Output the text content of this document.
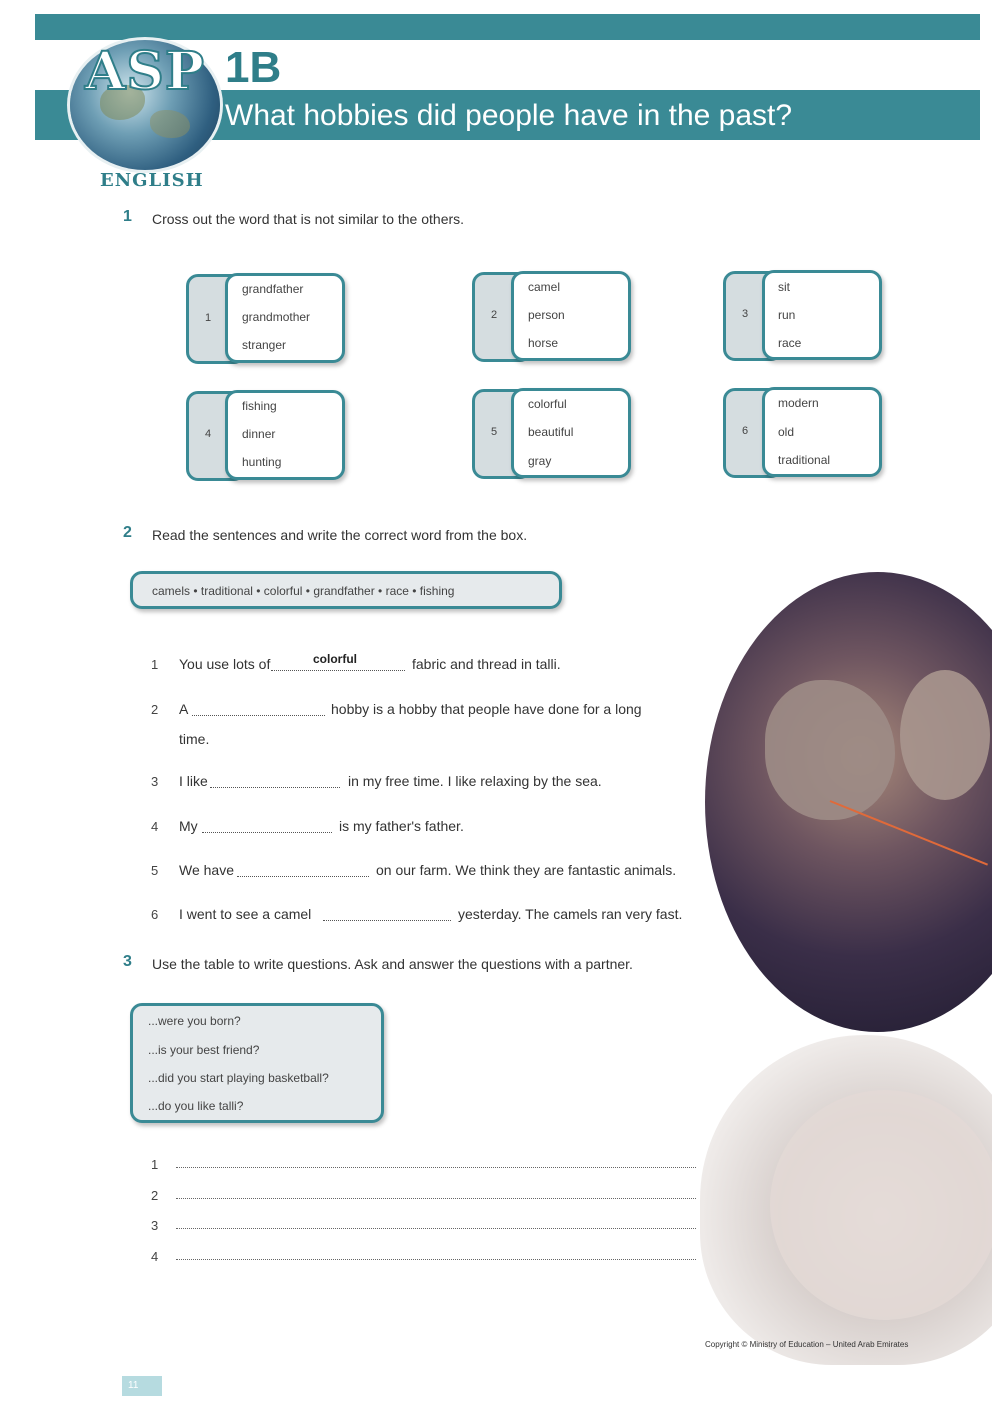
ASP 1B
What hobbies did people have in the past?
ENGLISH
1 Cross out the word that is not similar to the others.
1
grandfather
grandmother
stranger
2
camel
person
horse
3
sit
run
race
4
fishing
dinner
hunting
5
colorful
beautiful
gray
6
modern
old
traditional
2 Read the sentences and write the correct word from the box.
camels • traditional • colorful • grandfather • race • fishing
1	You use lots of	colorful	fabric and thread in talli.
2	A	hobby is a hobby that people have done for a long
time.
3	I like	in my free time. I like relaxing by the sea.
4	My	is my father's father.
5	We have	on our farm. We think they are fantastic animals.
6	I went to see a camel	yesterday. The camels ran very fast.
3 Use the table to write questions. Ask and answer the questions with a partner.
...were you born?
...is your best friend?
...did you start playing basketball?
...do you like talli?
1
2
3
4
Copyright © Ministry of Education – United Arab Emirates
11
